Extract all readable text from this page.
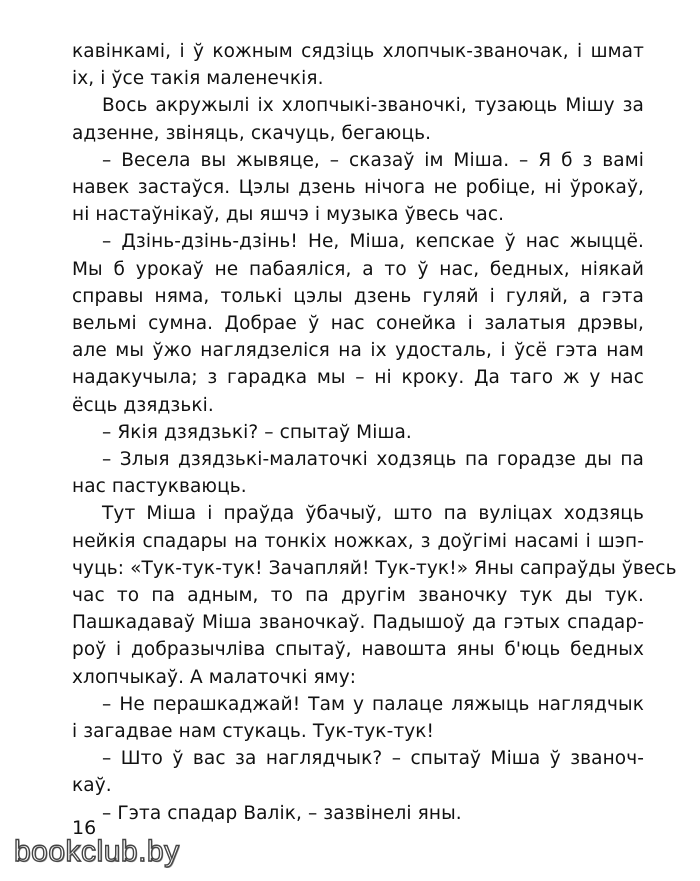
кавінкамі, і ў кожным сядзіць хлопчык-званочак, і шмат
іх, і ўсе такія маленечкія.
Вось акружылі іх хлопчыкі-званочкі, тузаюць Мішу за
адзенне, звіняць, скачуць, бегаюць.
– Весела вы жывяце, – сказаў ім Міша. – Я б з вамі
навек застаўся. Цэлы дзень нічога не робіце, ні ўрокаў,
ні настаўнікаў, ды яшчэ і музыка ўвесь час.
– Дзінь-дзінь-дзінь! Не, Міша, кепскае ў нас жыццё.
Мы б урокаў не пабаяліся, а то ў нас, бедных, ніякай
справы няма, толькі цэлы дзень гуляй і гуляй, а гэта
вельмі сумна. Добрае ў нас сонейка і залатыя дрэвы,
але мы ўжо наглядзеліся на іх удосталь, і ўсё гэта нам
надакучыла; з гарадка мы – ні кроку. Да таго ж у нас
ёсць дзядзькі.
– Якія дзядзькі? – спытаў Міша.
– Злыя дзядзькі-малаточкі ходзяць па горадзе ды па
нас пастукваюць.
Тут Міша і праўда ўбачыў, што па вуліцах ходзяць
нейкія спадары на тонкіх ножках, з доўгімі насамі і шэп-
чуць: «Тук-тук-тук! Зачапляй! Тук-тук!» Яны сапраўды ўвесь
час то па адным, то па другім званочку тук ды тук.
Пашкадаваў Міша званочкаў. Падышоў да гэтых спадар-
роў і добразычліва спытаў, навошта яны б'юць бедных
хлопчыкаў. А малаточкі яму:
– Не перашкаджай! Там у палаце ляжыць наглядчык
і загадвае нам стукаць. Тук-тук-тук!
– Што ў вас за наглядчык? – спытаў Міша ў званоч-
каў.
– Гэта спадар Валік, – зазвінелі яны.
16
bookclub.by
